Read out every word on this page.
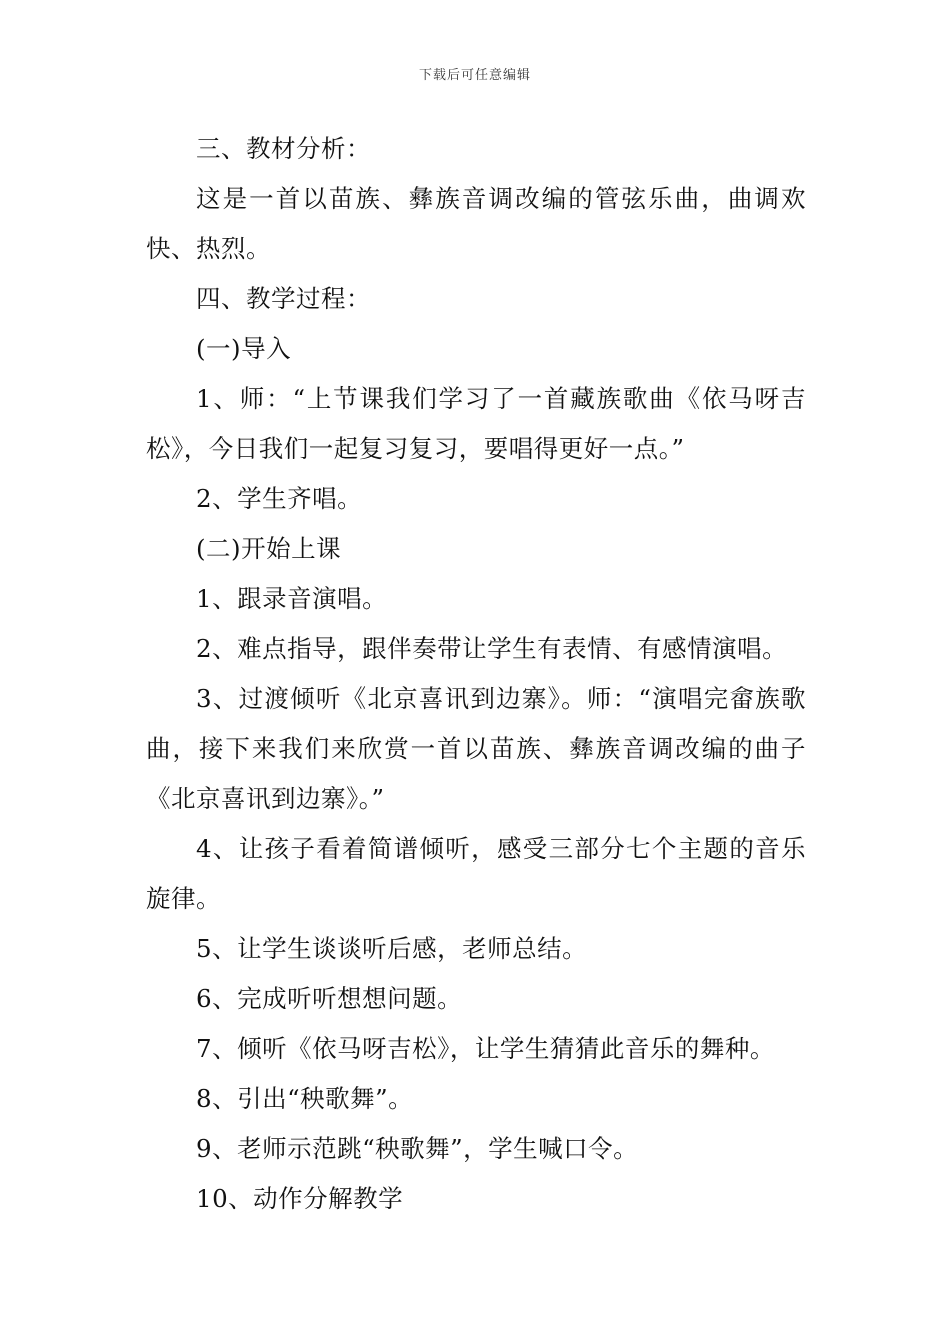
下载后可任意编辑

三、教材分析：

这是一首以苗族、彝族音调改编的管弦乐曲，曲调欢快、热烈。

四、教学过程：

(一)导入

1、师：“上节课我们学习了一首藏族歌曲《依马呀吉松》，今日我们一起复习复习，要唱得更好一点。”

2、学生齐唱。

(二)开始上课

1、跟录音演唱。

2、难点指导，跟伴奏带让学生有表情、有感情演唱。

3、过渡倾听《北京喜讯到边寨》。师：“演唱完畲族歌曲，接下来我们来欣赏一首以苗族、彝族音调改编的曲子《北京喜讯到边寨》。”

4、让孩子看着简谱倾听，感受三部分七个主题的音乐旋律。

5、让学生谈谈听后感，老师总结。

6、完成听听想想问题。

7、倾听《依马呀吉松》，让学生猜猜此音乐的舞种。

8、引出“秧歌舞”。

9、老师示范跳“秧歌舞”，学生喊口令。

10、动作分解教学
